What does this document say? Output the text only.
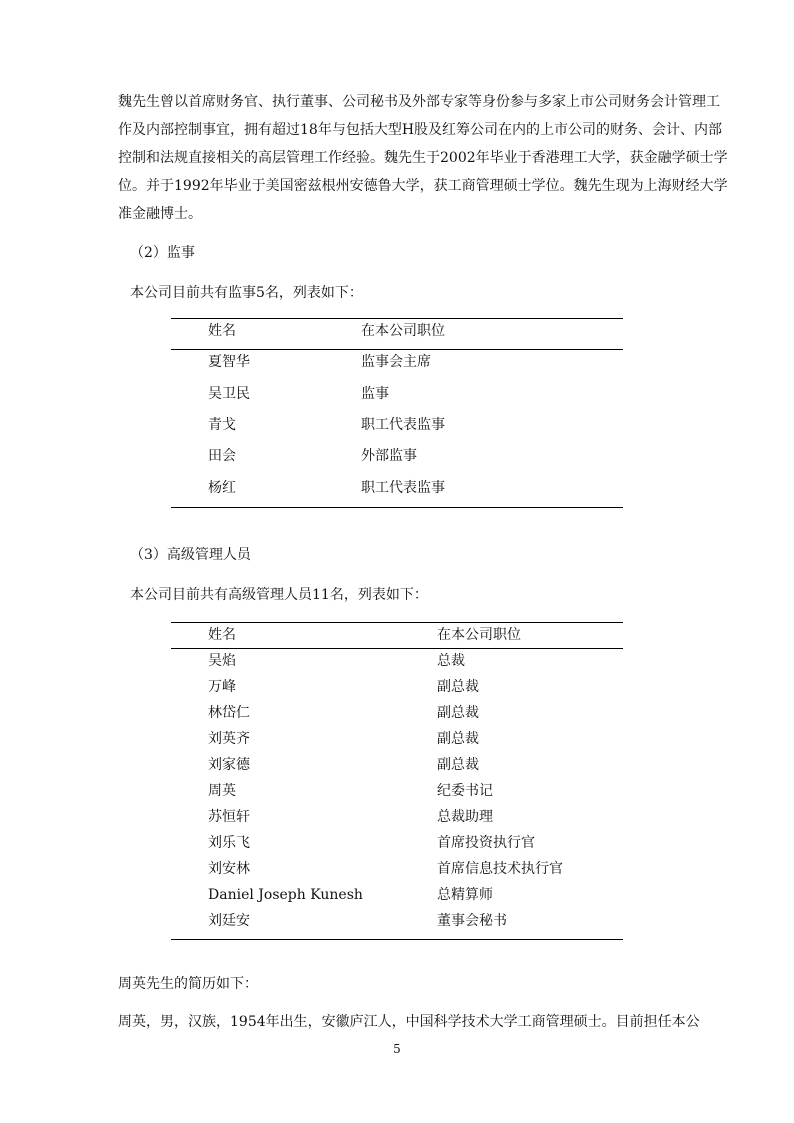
魏先生曾以首席财务官、执行董事、公司秘书及外部专家等身份参与多家上市公司财务会计管理工
作及内部控制事宜，拥有超过18年与包括大型H股及红筹公司在内的上市公司的财务、会计、内部
控制和法规直接相关的高层管理工作经验。魏先生于2002年毕业于香港理工大学，获金融学硕士学
位。并于1992年毕业于美国密兹根州安德鲁大学，获工商管理硕士学位。魏先生现为上海财经大学
准金融博士。
（2）监事
本公司目前共有监事5名，列表如下：
姓名	在本公司职位
夏智华	监事会主席
吴卫民	监事
青戈	职工代表监事
田会	外部监事
杨红	职工代表监事
（3）高级管理人员
本公司目前共有高级管理人员11名，列表如下：
姓名	在本公司职位
吴焰	总裁
万峰	副总裁
林岱仁	副总裁
刘英齐	副总裁
刘家德	副总裁
周英	纪委书记
苏恒轩	总裁助理
刘乐飞	首席投资执行官
刘安林	首席信息技术执行官
Daniel Joseph Kunesh	总精算师
刘廷安	董事会秘书
周英先生的简历如下：
周英，男，汉族，1954年出生，安徽庐江人，中国科学技术大学工商管理硕士。目前担任本公
5
